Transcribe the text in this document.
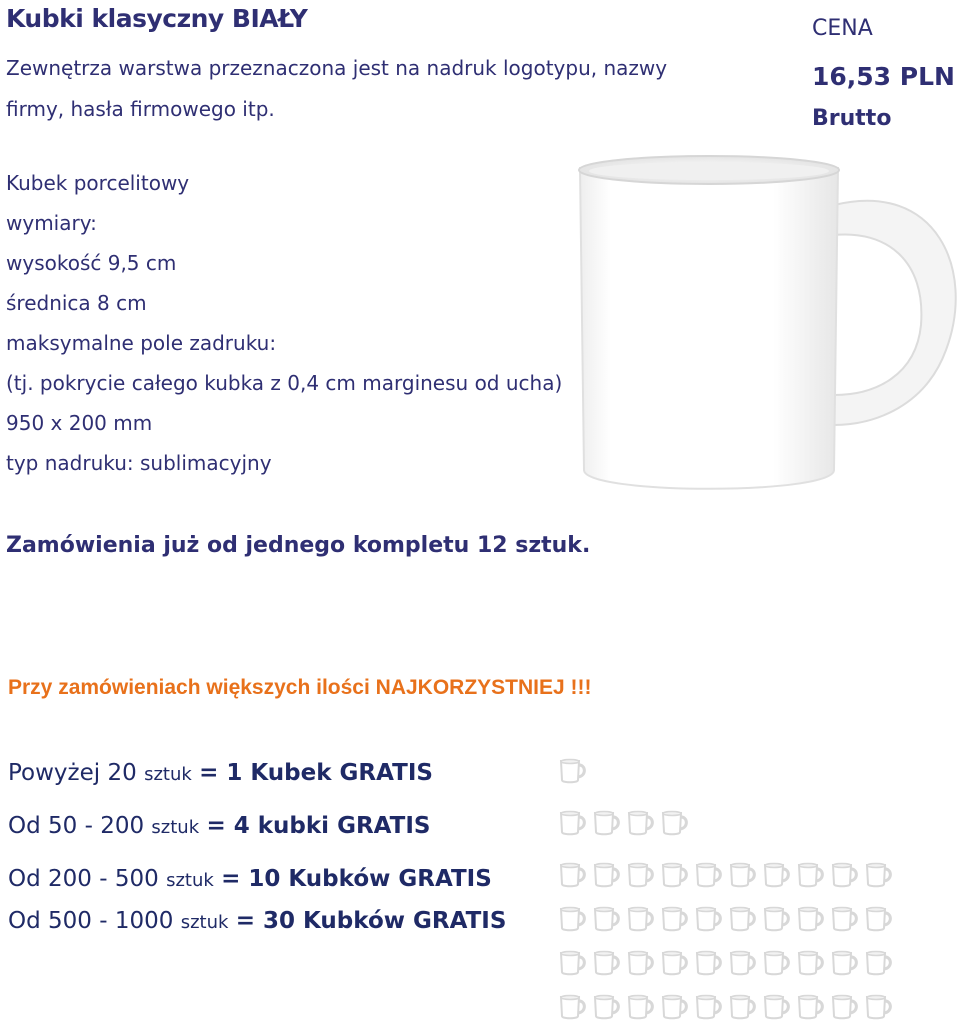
Kubki klasyczny BIAŁY
Zewnętrza warstwa przeznaczona jest na nadruk logotypu, nazwy firmy, hasła firmowego itp.
CENA
16,53 PLN
Brutto
Kubek porcelitowy
wymiary:
wysokość 9,5 cm
średnica 8 cm
maksymalne pole zadruku:
(tj. pokrycie całego kubka z 0,4 cm marginesu od ucha)
950 x 200 mm
typ nadruku: sublimacyjny
Zamówienia już od jednego kompletu 12 sztuk.
Przy zamówieniach większych ilości NAJKORZYSTNIEJ !!!
Powyżej 20 sztuk = 1 Kubek GRATIS
Od 50 - 200 sztuk = 4 kubki GRATIS
Od 200 - 500 sztuk = 10 Kubków GRATIS
Od 500 - 1000 sztuk = 30 Kubków GRATIS
